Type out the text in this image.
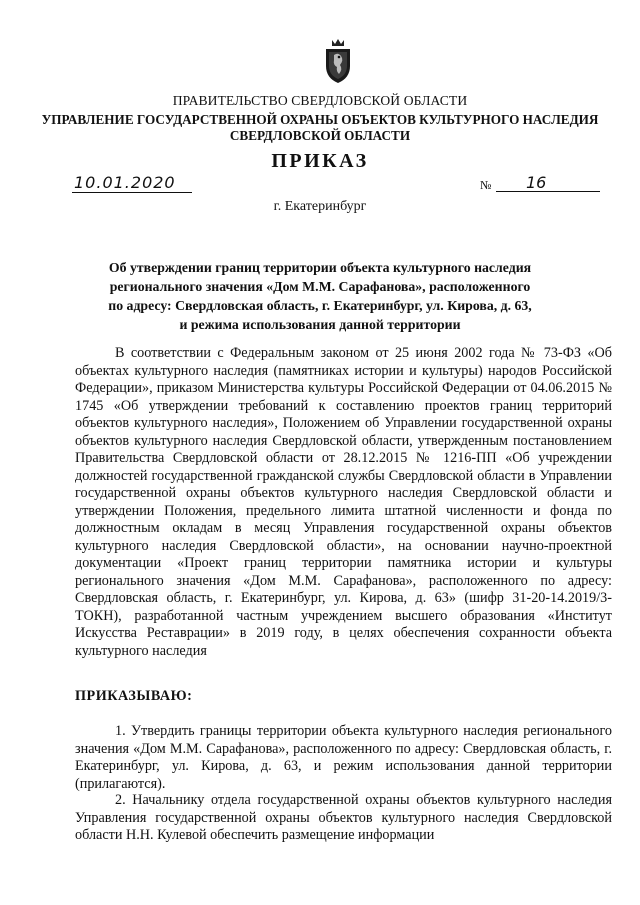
ПРАВИТЕЛЬСТВО СВЕРДЛОВСКОЙ ОБЛАСТИ
УПРАВЛЕНИЕ ГОСУДАРСТВЕННОЙ ОХРАНЫ ОБЪЕКТОВ КУЛЬТУРНОГО НАСЛЕДИЯ
СВЕРДЛОВСКОЙ ОБЛАСТИ
ПРИКАЗ
10.01.2020	№	16
г. Екатеринбург
Об утверждении границ территории объекта культурного наследия
регионального значения «Дом М.М. Сарафанова», расположенного
по адресу: Свердловская область, г. Екатеринбург, ул. Кирова, д. 63,
и режима использования данной территории

В соответствии с Федеральным законом от 25 июня 2002 года № 73-ФЗ «Об объектах культурного наследия (памятниках истории и культуры) народов Российской Федерации», приказом Министерства культуры Российской Федерации от 04.06.2015 № 1745 «Об утверждении требований к составлению проектов границ территорий объектов культурного наследия», Положением об Управлении государственной охраны объектов культурного наследия Свердловской области, утвержденным постановлением Правительства Свердловской области от 28.12.2015 № 1216-ПП «Об учреждении должностей государственной гражданской службы Свердловской области в Управлении государственной охраны объектов культурного наследия Свердловской области и утверждении Положения, предельного лимита штатной численности и фонда по должностным окладам в месяц Управления государственной охраны объектов культурного наследия Свердловской области», на основании научно-проектной документации «Проект границ территории памятника истории и культуры регионального значения «Дом М.М. Сарафанова», расположенного по адресу: Свердловская область, г. Екатеринбург, ул. Кирова, д. 63» (шифр 31-20-14.2019/3-ТОКН), разработанной частным учреждением высшего образования «Институт Искусства Реставрации» в 2019 году, в целях обеспечения сохранности объекта культурного наследия

ПРИКАЗЫВАЮ:

1. Утвердить границы территории объекта культурного наследия регионального значения «Дом М.М. Сарафанова», расположенного по адресу: Свердловская область, г. Екатеринбург, ул. Кирова, д. 63, и режим использования данной территории (прилагаются).

2. Начальнику отдела государственной охраны объектов культурного наследия Управления государственной охраны объектов культурного наследия Свердловской области Н.Н. Кулевой обеспечить размещение информации
